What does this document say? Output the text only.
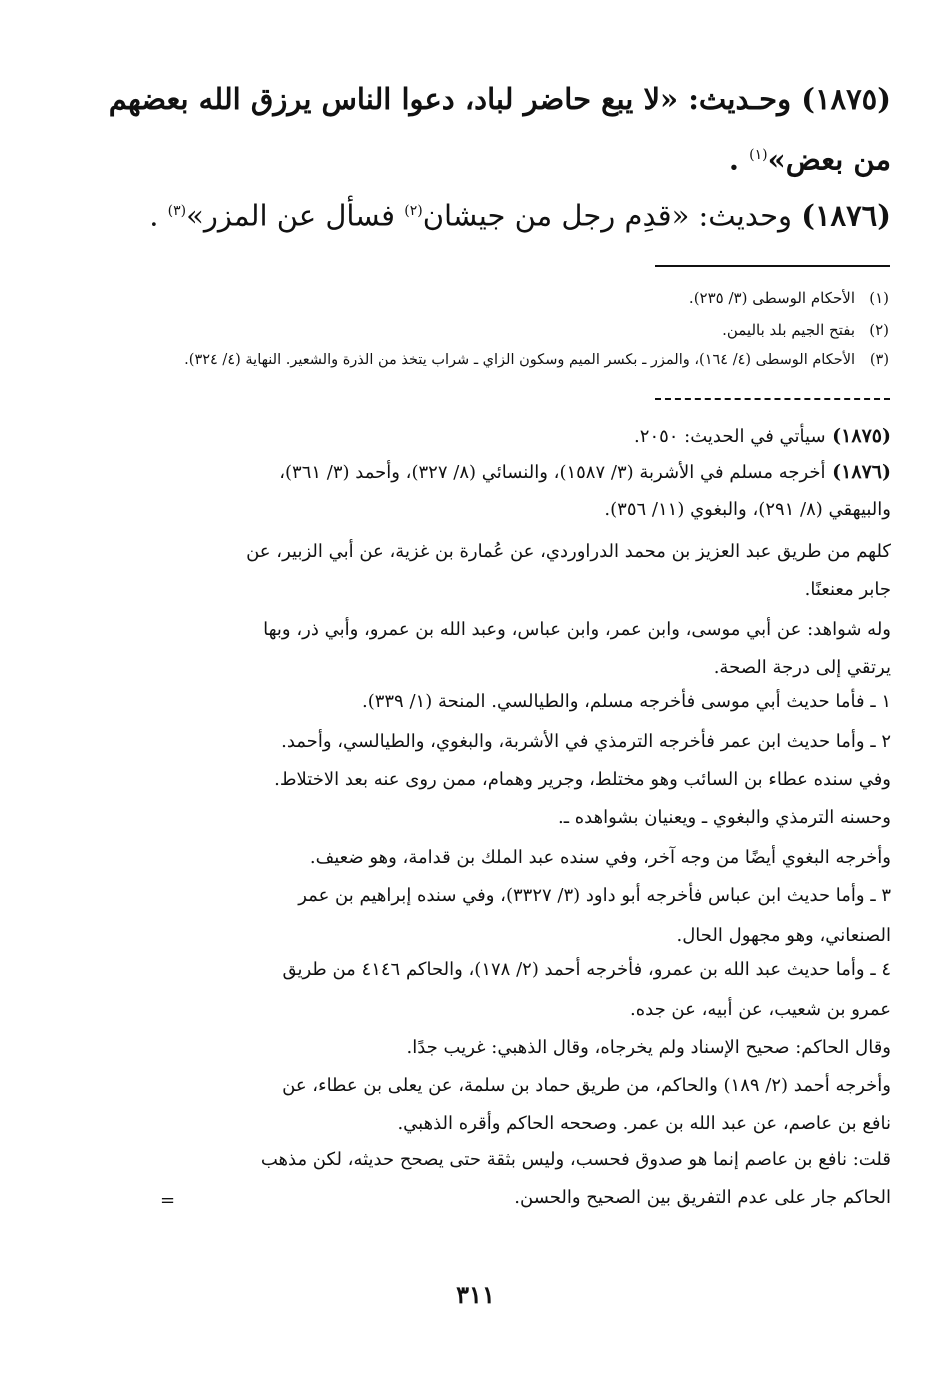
(١٨٧٥) وحـديث: «لا يبع حاضر لباد، دعوا الناس يرزق الله بعضهم
من بعض»$^{(١)}$ .
(١٨٧٦) وحديث: «قدِم رجل من جيشان$^{(٢)}$ فسأل عن المزر»$^{(٣)}$ .
(١)الأحكام الوسطى (٣/ ٢٣٥).
(٢)بفتح الجيم بلد باليمن.
(٣)الأحكام الوسطى (٤/ ١٦٤)، والمزر ـ بكسر الميم وسكون الزاي ـ شراب يتخذ من الذرة والشعير. النهاية (٤/ ٣٢٤).
(١٨٧٥) سيأتي في الحديث: ٢٠٥٠.
(١٨٧٦) أخرجه مسلم في الأشربة (٣/ ١٥٨٧)، والنسائي (٨/ ٣٢٧)، وأحمد (٣/ ٣٦١)،
والبيهقي (٨/ ٢٩١)، والبغوي (١١/ ٣٥٦).
كلهم من طريق عبد العزيز بن محمد الدراوردي، عن عُمارة بن غزية، عن أبي الزبير، عن
جابر معنعنًا.
وله شواهد: عن أبي موسى، وابن عمر، وابن عباس، وعبد الله بن عمرو، وأبي ذر، وبها
يرتقي إلى درجة الصحة.
١ ـ فأما حديث أبي موسى فأخرجه مسلم، والطيالسي. المنحة (١/ ٣٣٩).
٢ ـ وأما حديث ابن عمر فأخرجه الترمذي في الأشربة، والبغوي، والطيالسي، وأحمد.
وفي سنده عطاء بن السائب وهو مختلط، وجرير وهمام، ممن روى عنه بعد الاختلاط.
وحسنه الترمذي والبغوي ـ ويعنيان بشواهده ـ.
وأخرجه البغوي أيضًا من وجه آخر، وفي سنده عبد الملك بن قدامة، وهو ضعيف.
٣ ـ وأما حديث ابن عباس فأخرجه أبو داود (٣/ ٣٣٢٧)، وفي سنده إبراهيم بن عمر
الصنعاني، وهو مجهول الحال.
٤ ـ وأما حديث عبد الله بن عمرو، فأخرجه أحمد (٢/ ١٧٨)، والحاكم ٤١٤٦ من طريق
عمرو بن شعيب، عن أبيه، عن جده.
وقال الحاكم: صحيح الإسناد ولم يخرجاه، وقال الذهبي: غريب جدًا.
وأخرجه أحمد (٢/ ١٨٩) والحاكم، من طريق حماد بن سلمة، عن يعلى بن عطاء، عن
نافع بن عاصم، عن عبد الله بن عمر. وصححه الحاكم وأقره الذهبي.
قلت: نافع بن عاصم إنما هو صدوق فحسب، وليس بثقة حتى يصحح حديثه، لكن مذهب
الحاكم جار على عدم التفريق بين الصحيح والحسن.
=
٣١١
